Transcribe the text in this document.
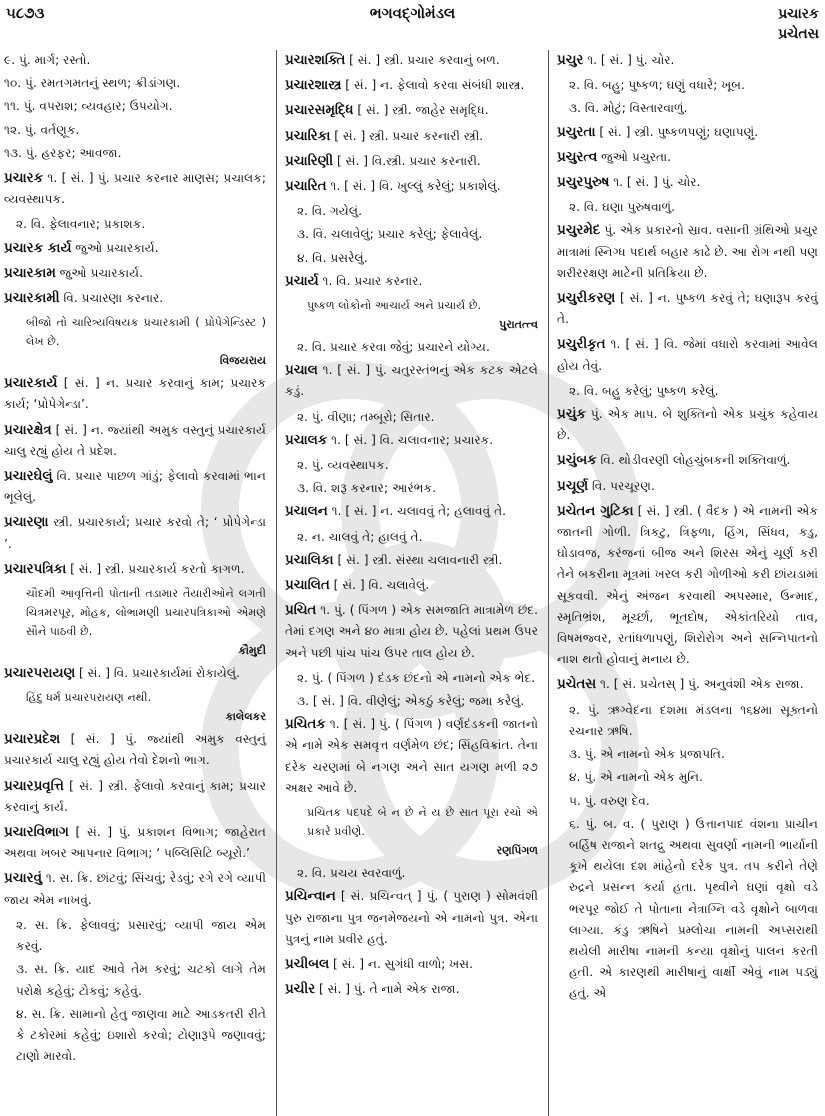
૫૮૭૩	ભગવદ્ગોમંડલ	પ્રચારક
પ્રચેતસ
૯. પું. માર્ગ; રસ્તો.
૧૦. પું. રમતગમતનું સ્થળ; ક્રીડાંગણ.
૧૧. પું. વપરાશ; વ્યવહાર; ઉપયોગ.
૧૨. પું. વર્તણૂક.
૧૩. પું. હરફર; આવજા.
પ્રચારક ૧. [ સં. ] પું. પ્રચાર કરનાર માણસ; પ્રચાલક; વ્યવસ્થાપક.
૨. વિ. ફેલાવનાર; પ્રકાશક.
પ્રચારક કાર્ય જુઓ પ્રચારકાર્ય.
પ્રચારકામ જુઓ પ્રચારકાર્ય.
પ્રચારકામી વિ. પ્રચારણા કરનાર.
બીજો તો ચારિત્ર્યવિષયક પ્રચારકામી ( પ્રોપેગેન્ડિસ્ટ ) લેખ છે.
વિજયરાય
પ્રચારકાર્ય [ સં. ] ન. પ્રચાર કરવાનું કામ; પ્રચારક કાર્ય; ‘પ્રોપેગેન્ડા’.
પ્રચારક્ષેત્ર [ સં. ] ન. જ્યાંથી અમુક વસ્તુનું પ્રચારકાર્ય ચાલુ રહ્યું હોય તે પ્રદેશ.
પ્રચારઘેલું વિ. પ્રચાર પાછળ ગાંડું; ફેલાવો કરવામાં ભાન ભૂલેલું.
પ્રચારણા સ્ત્રી. પ્રચારકાર્ય; પ્રચાર કરવો તે; ‘ પ્રોપેગેન્ડા ’.
પ્રચારપત્રિકા [ સં. ] સ્ત્રી. પ્રચારકાર્ય કરતો કાગળ.
ચૌદમી આવૃત્તિની પોતાની તડામાર તૈયારીઓને લગતી ચિત્રમરપૂર, મોહક, લોભામણી પ્રચારપત્રિકાઓ એમણે સૌને પાઠવી છે.
કૌમુદી
પ્રચારપરાયણ [ સં. ] વિ. પ્રચારકાર્યમાં રોકાયેલું.
હિંદુ ધર્મ પ્રચારપરાયણ નથી.
કાલેલકર
પ્રચારપ્રદેશ [ સં. ] પું. જ્યાંથી અમુક વસ્તુનું પ્રચારકાર્ય ચાલુ રહ્યું હોય તેવો દેશનો ભાગ.
પ્રચારપ્રવૃત્તિ [ સં. ] સ્ત્રી. ફેલાવો કરવાનું કામ; પ્રચાર કરવાનું કાર્ય.
પ્રચારવિભાગ [ સં. ] પું. પ્રકાશન વિભાગ; જાહેરાત અથવા ખબર આપનાર વિભાગ; ‘ પબ્લિસિટિ બ્યૂરો.’
પ્રચારવું ૧. સ. ક્રિ. છાંટવું; સિંચવું; રેડવું; રગે રગે વ્યાપી જાય એમ નાખવું.
૨. સ. ક્રિ. ફેલાવવું; પ્રસારવું; વ્યાપી જાય એમ કરવું.
૩. સ. ક્રિ. યાદ આવે તેમ કરવું; ચટકો લાગે તેમ પરોક્ષે કહેવું; ટોકવું; કહેવું.
૪. સ. ક્રિ. સામાનો હેતુ જાણવા માટે આડકતરી રીતે કે ટકોરમાં કહેવું; ઇશારો કરવો; ટોણારૂપે જણાવવું; ટાણો મારવો.
પ્રચારશક્તિ [ સં. ] સ્ત્રી. પ્રચાર કરવાનું બળ.
પ્રચારશાસ્ત્ર [ સં. ] ન. ફેલાવો કરવા સંબંધી શાસ્ત્ર.
પ્રચારસમૃદ્ધિ [ સં. ] સ્ત્રી. જાહેર સમૃદ્ધિ.
પ્રચારિકા [ સં. ] સ્ત્રી. પ્રચાર કરનારી સ્ત્રી.
પ્રચારિણી [ સં. ] વિ.સ્ત્રી. પ્રચાર કરનારી.
પ્રચારિત ૧. [ સં. ] વિ. ખુલ્લું કરેલું; પ્રકાશેલું.
૨. વિ. ગયેલું.
૩. વિ. ચલાવેલું; પ્રચાર કરેલું; ફેલાવેલું.
૪. વિ. પ્રસરેલું.
પ્રચાર્ય ૧. વિ. પ્રચાર કરનાર.
પુષ્કળ લોકોનો આચાર્ય અને પ્રચાર્ય છે.
પુરાતત્ત્વ
૨. વિ. પ્રચાર કરવા જેવું; પ્રચારને યોગ્ય.
પ્રચાલ ૧. [ સં. ] પું. ચતુરસ્તંભનું એક કટક એટલે કડું.
૨. પું. વીણા; તમ્બૂરો; સિતાર.
પ્રચાલક ૧. [ સં. ] વિ. ચલાવનાર; પ્રચારક.
૨. પું. વ્યવસ્થાપક.
૩. વિ. શરૂ કરનાર; આરંભક.
પ્રચાલન ૧. [ સં. ] ન. ચલાવવું તે; હલાવવું તે.
૨. ન. ચાલવું તે; હાલવું તે.
પ્રચાલિકા [ સં. ] સ્ત્રી. સંસ્થા ચલાવનારી સ્ત્રી.
પ્રચાલિત [ સં. ] વિ. ચલાવેલું.
પ્રચિત ૧. પું. ( પિંગળ ) એક સમજાતિ માત્રામેળ છંદ. તેમાં દગણ અને ૪૦ માત્રા હોય છે. પહેલાં પ્રથમ ઉપર અને પછી પાંચ પાંચ ઉપર તાલ હોય છે.
૨. પું. ( પિંગળ ) દંડક છંદનો એ નામનો એક ભેદ.
૩. [ સં. ] વિ. વીણેલું; એકઠું કરેલું; જમા કરેલું.
પ્રચિતક ૧. [ સં. ] પું. ( પિંગળ ) વર્ણદંડકની જાતનો એ નામે એક સમવૃત્ત વર્ણમેળ છંદ; સિંહવિક્રાંત. તેના દરેક ચરણમાં બે નગણ અને સાત યગણ મળી ૨૭ અક્ષર આવે છે.
પ્રચિતક પદપદે બે ન છે ને ય છે સાત પૂરા રચો એ પ્રકારે પ્રવીણે.
રણપિંગળ
૨. વિ. પ્રચય સ્વરવાળું.
પ્રચિન્વાન [ સં. પ્રચિન્વત્ ] પું. ( પુરાણ ) સોમવંશી પુરુ રાજાના પુત્ર જનમેજયનો એ નામનો પુત્ર. એના પુત્રનું નામ પ્રવીર હતું.
પ્રચીબલ [ સં. ] ન. સુગંધી વાળો; ખસ.
પ્રચીર [ સં. ] પું. તે નામે એક રાજા.
પ્રચુર ૧. [ સં. ] પું. ચોર.
૨. વિ. બહુ; પુષ્કળ; ઘણું વધારે; ખૂબ.
૩. વિ. મોટું; વિસ્તારવાળું.
પ્રચુરતા [ સં. ] સ્ત્રી. પુષ્કળપણું; ઘણાપણું.
પ્રચુરત્વ જુઓ પ્રચુરતા.
પ્રચુરપુરુષ ૧. [ સં. ] પું. ચોર.
૨. વિ. ઘણા પુરુષવાળું.
પ્રચુરમેદ પું. એક પ્રકારનો સ્રાવ. વસાની ગ્રંથિઓ પ્રચુર માત્રામાં સ્નિગ્ધ પદાર્થ બહાર કાઢે છે. આ રોગ નથી પણ શરીરરક્ષણ માટેની પ્રતિક્રિયા છે.
પ્રચુરીકરણ [ સં. ] ન. પુષ્કળ કરવું તે; ઘણારૂપ કરવું તે.
પ્રચુરીકૃત ૧. [ સં. ] વિ. જેમાં વધારો કરવામાં આવેલ હોય તેવું.
૨. વિ. બહુ કરેલું; પુષ્કળ કરેલું.
પ્રચુંક પું. એક માપ. બે શુક્તિનો એક પ્રચુંક કહેવાય છે.
પ્રચુંબક વિ. થોડીવરણી લોહચુંબકની શક્તિવાળું.
પ્રચૂર્ણ વિ. પરચૂરણ.
પ્રચેતન ગુટિકા [ સં. ] સ્ત્રી. ( વૈદક ) એ નામની એક જાતની ગોળી. ત્રિકટુ, ત્રિફળા, હિંગ, સિંધવ, કડુ, ઘોડાવજ, કરંજનાં બીજ અને શિરસ એનું ચૂર્ણ કરી તેને બકરીના મૂત્રમાં ખરલ કરી ગોળીઓ કરી છાંયડામાં સૂકવવી. એનું અંજન કરવાથી અપસ્માર, ઉન્માદ, સ્મૃતિભ્રંશ, મૂર્ચ્છા, ભૂતદોષ, એકાંતરિયો તાવ, વિષમજ્વર, રતાંધળાપણું, શિરોરોગ અને સન્નિપાતનો નાશ થતો હોવાનું મનાય છે.
પ્રચેતસ ૧. [ સં. પ્રચેતસ્ ] પું. અનુવંશી એક રાજા.
૨. પું. ઋગ્વેદના દશમા મંડલના ૧૬૪મા સૂક્તનો રચનાર ઋષિ.
૩. પું. એ નામનો એક પ્રજાપતિ.
૪. પું. એ નામનો એક મુનિ.
૫. પું. વરુણ દેવ.
૬. પું. બ. વ. ( પુરાણ ) ઉત્તાનપાદ વંશના પ્રાચીન બર્હિષ રાજાને શતદ્રુ અથવા સુવર્ણા નામની ભાર્યાની કૂખે થયેલા દશ માંહેનો દરેક પુત્ર. તપ કરીને તેણે રુદ્રને પ્રસન્ન કર્યા હતા. પૃથ્વીને ઘણાં વૃક્ષો વડે ભરપૂર જોઈ તે પોતાના નેત્રાગ્નિ વડે વૃક્ષોને બાળવા લાગ્યા. કંડુ ઋષિને પ્રમ્લોચા નામની અપ્સરાથી થયેલી મારીષા નામની કન્યા વૃક્ષોનું પાલન કરતી હતી. એ કારણથી મારીષાનું વાર્ક્ષી એવું નામ પડ્યું હતું. એ
